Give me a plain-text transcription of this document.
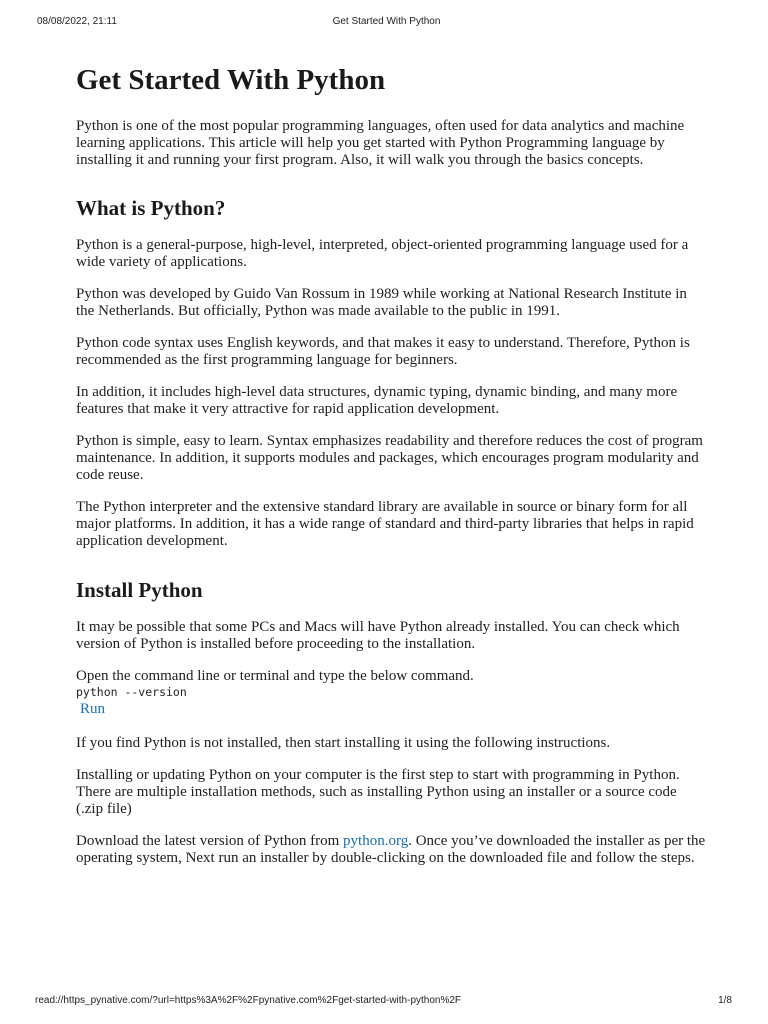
08/08/2022, 21:11	Get Started With Python
Get Started With Python

Python is one of the most popular programming languages, often used for data analytics and machine learning applications. This article will help you get started with Python Programming language by installing it and running your first program. Also, it will walk you through the basics concepts.

What is Python?

Python is a general-purpose, high-level, interpreted, object-oriented programming language used for a wide variety of applications.

Python was developed by Guido Van Rossum in 1989 while working at National Research Institute in the Netherlands. But officially, Python was made available to the public in 1991.

Python code syntax uses English keywords, and that makes it easy to understand. Therefore, Python is recommended as the first programming language for beginners.

In addition, it includes high-level data structures, dynamic typing, dynamic binding, and many more features that make it very attractive for rapid application development.

Python is simple, easy to learn. Syntax emphasizes readability and therefore reduces the cost of program maintenance. In addition, it supports modules and packages, which encourages program modularity and code reuse.

The Python interpreter and the extensive standard library are available in source or binary form for all major platforms. In addition, it has a wide range of standard and third-party libraries that helps in rapid application development.

Install Python

It may be possible that some PCs and Macs will have Python already installed. You can check which version of Python is installed before proceeding to the installation.

Open the command line or terminal and type the below command.

python --version
Run

If you find Python is not installed, then start installing it using the following instructions.

Installing or updating Python on your computer is the first step to start with programming in Python. There are multiple installation methods, such as installing Python using an installer or a source code (.zip file)

Download the latest version of Python from python.org. Once you’ve downloaded the installer as per the operating system, Next run an installer by double-clicking on the downloaded file and follow the steps.

read://https_pynative.com/?url=https%3A%2F%2Fpynative.com%2Fget-started-with-python%2F	1/8
